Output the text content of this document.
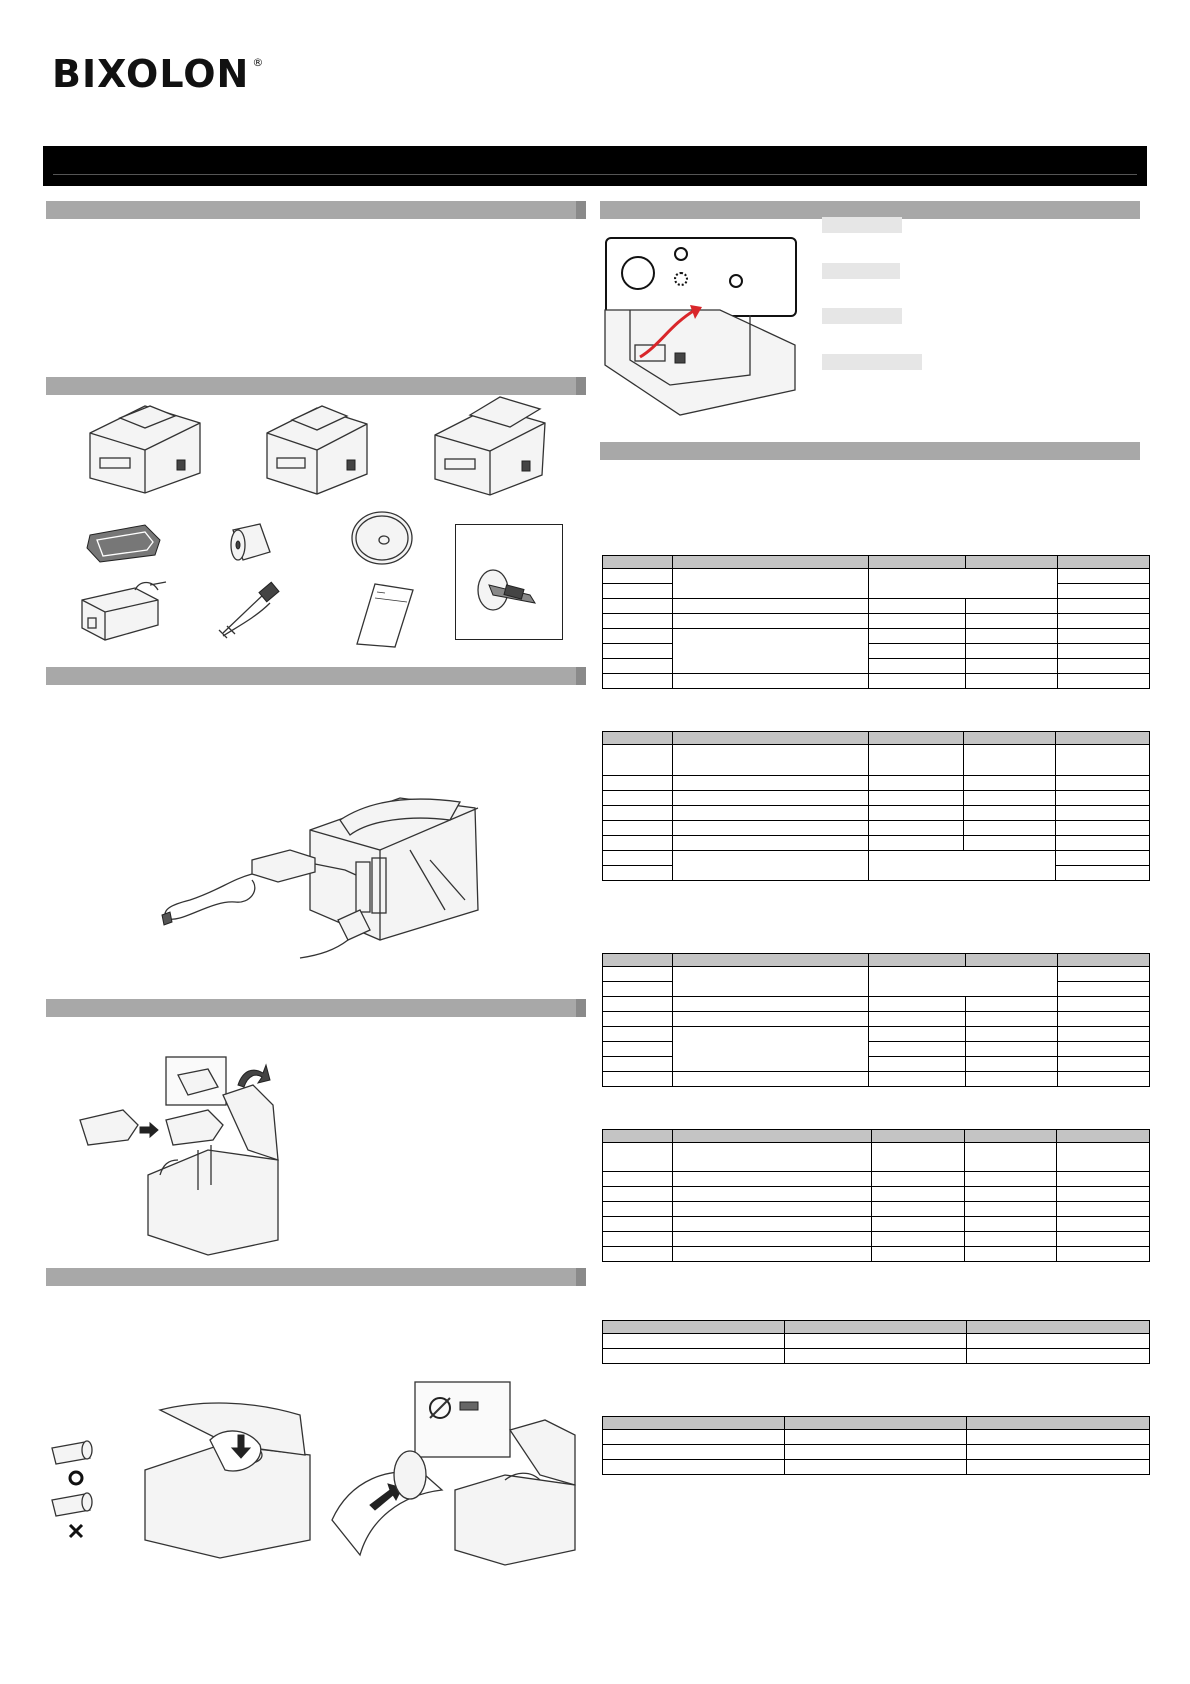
BIXOLON ®
